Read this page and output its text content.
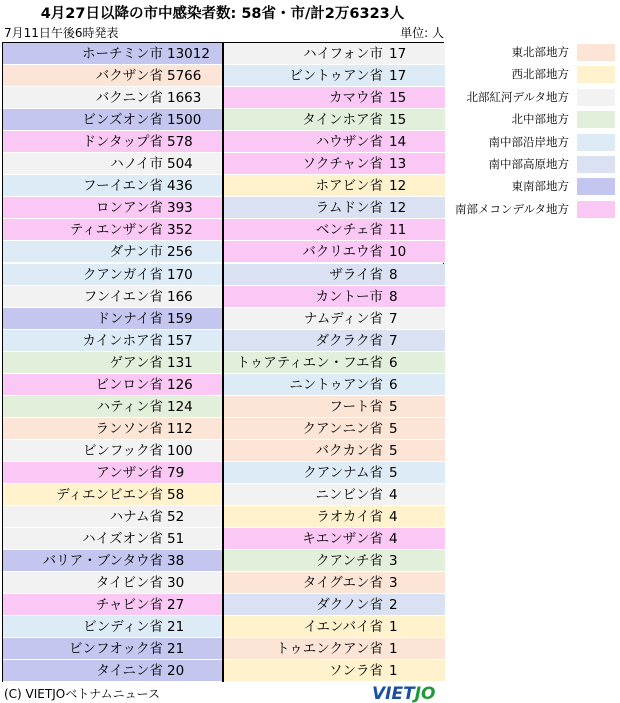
4月27日以降の市中感染者数: 58省・市/計2万6323人
7月11日午後6時発表	単位: 人
ホーチミン市 13012
バクザン省 5766
バクニン省 1663
ビンズオン省 1500
ドンタップ省 578
ハノイ市 504
フーイエン省 436
ロンアン省 393
ティエンザン省 352
ダナン市 256
クアンガイ省 170
フンイエン省 166
ドンナイ省 159
カインホア省 157
ゲアン省 131
ビンロン省 126
ハティン省 124
ランソン省 112
ビンフック省 100
アンザン省 79
ディエンビエン省 58
ハナム省 52
ハイズオン省 51
バリア・ブンタウ省 38
タイビン省 30
チャビン省 27
ビンディン省 21
ビンフオック省 21
タイニン省 20
ハイフォン市 17
ビントゥアン省 17
カマウ省 15
タインホア省 15
ハウザン省 14
ソクチャン省 13
ホアビン省 12
ラムドン省 12
ベンチェ省 11
バクリエウ省 10
ザライ省 8
カントー市 8
ナムディン省 7
ダクラク省 7
トゥアティエン・フエ省 6
ニントゥアン省 6
フート省 5
クアンニン省 5
バクカン省 5
クアンナム省 5
ニンビン省 4
ラオカイ省 4
キエンザン省 4
クアンチ省 3
タイグエン省 3
ダクノン省 2
イエンバイ省 1
トゥエンクアン省 1
ソンラ省 1
東北部地方
西北部地方
北部紅河デルタ地方
北中部地方
南中部沿岸地方
南中部高原地方
東南部地方
南部メコンデルタ地方
(C) VIETJOベトナムニュース	VIETJO
